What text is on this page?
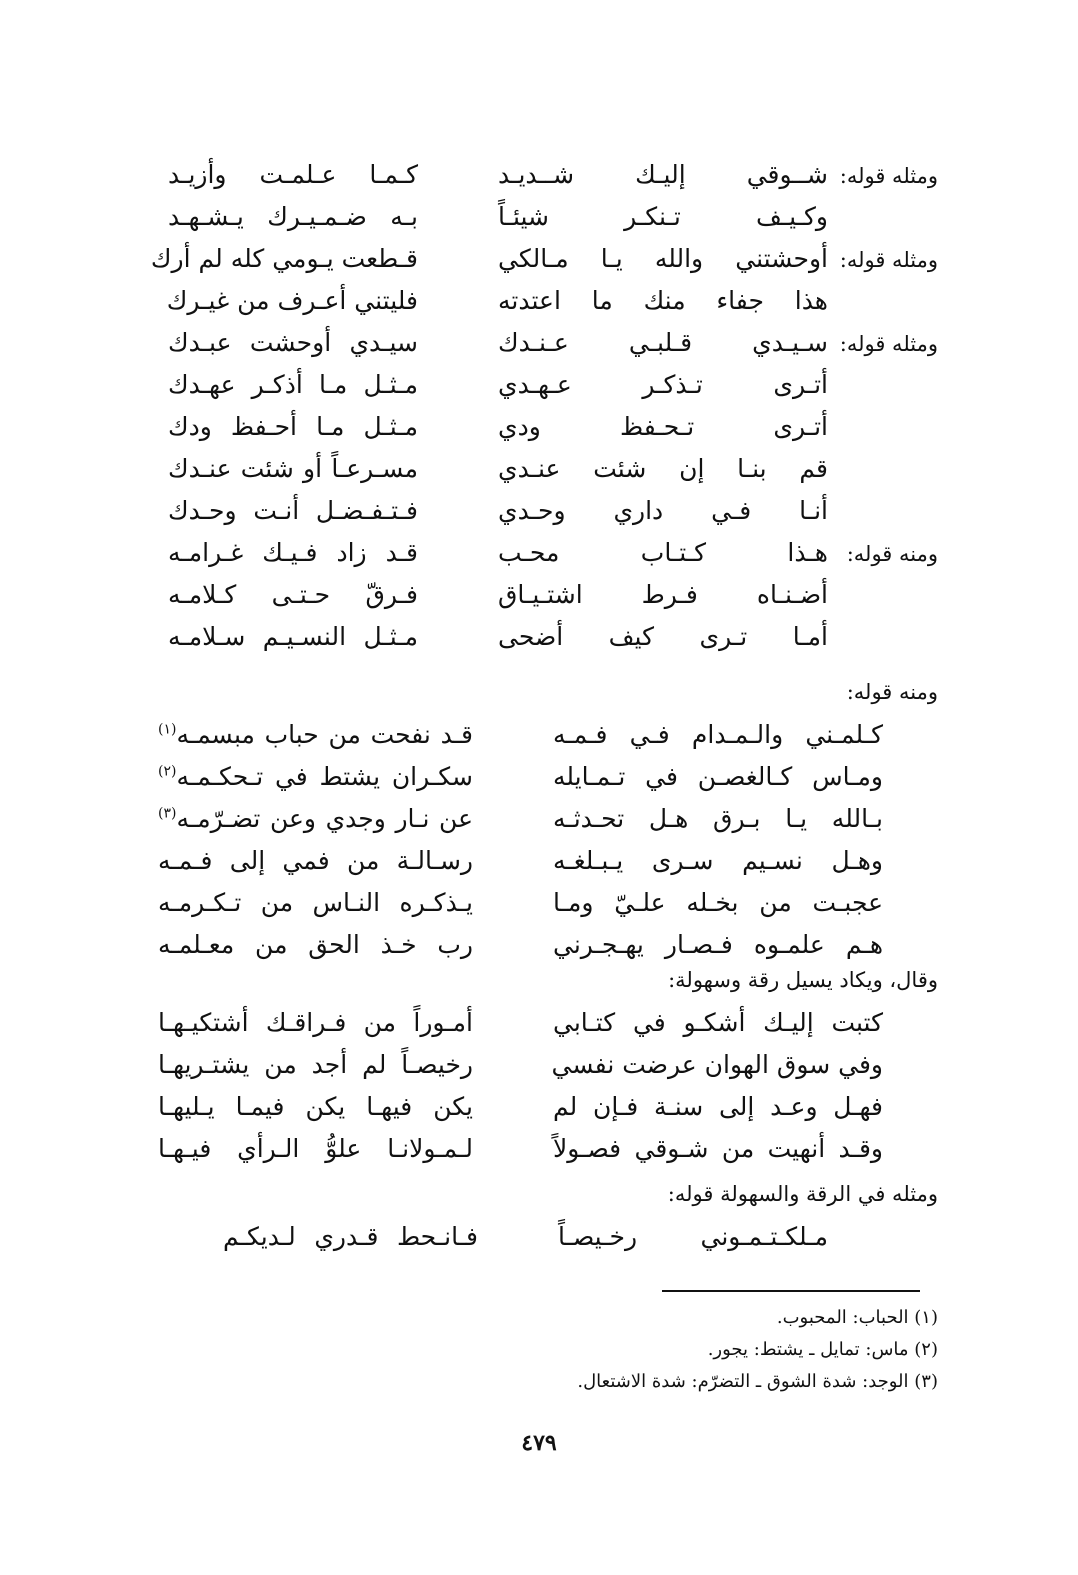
ومثله قوله:
شــوقي إليـك شــديـد
كـمـا عـلمـت وأزيـد
وكـيـف تـنكـر شيئـاً
بـه ضـمـيـرك يـشـهـد
ومثله قوله:
أوحشتني والله يـا مـالكي
قـطعت يـومي كله لم أرك
هذا جفاء منك ما اعتدته
فليتني أعـرف من غيـرك
ومثله قوله:
سـيـدي قـلبـي عـنـدك
سيـدي أوحشت عبـدك
أتـرى تـذكـر عـهـدي
مـثـل مـا أذكـر عهـدك
أتـرى تـحـفظ ودي
مـثـل مـا أحـفظ ودك
قم بنـا إن شئت عنـدي
مسـرعـاً أو شئت عنـدك
أنـا فـي داري وحـدي
فـتـفـضـل أنـت وحـدك
ومنه قوله:
هـذا كـتـاب محـب
قـد زاد فـيـك غـرامـه
أضـنـاه فـرط اشتـيـاق
فـرقّ حـتـى كـلامـه
أمـا تـرى كيف أضحى
مـثـل النسـيـم سـلامـه
ومنه قوله:
كـلمـني والـمـدام فـي فـمـه
قـد نفحت من حباب مبسمـه$^{(١)}$
ومـاس كـالغصـن في تـمـايله
سكـران يشتط في تـحكـمـه$^{(٢)}$
بـالله يـا بـرق هـل تحـدثـه
عن نـار وجدي وعن تضـرّمـه$^{(٣)}$
وهـل نسـيم سـرى يـبـلغـه
رسـالـة من فمي إلى فـمـه
عجبـت من بخـله علـيّ ومـا
يـذكـره النـاس من تـكـرمـه
هـم علمـوه فـصـار يهـجـرني
رب خـذ الحق من معـلمـه
وقال، ويكاد يسيل رقة وسهولة:
كتبت إليـك أشكـو في كتـابي
أمـوراً من فـراقـك أشتكيـهـا
وفي سوق الهوان عرضت نفسي
رخيصـاً لم أجد من يشتـريهـا
فهـل وعـد إلى سنـة فـإن لم
يكن فيهـا يكن فيمـا يـليهـا
وقـد أنهيت من شـوقي فصـولاً
لـمـولانـا علوُّ الـرأي فيـهـا
ومثله في الرقة والسهولة قوله:
مـلكـتـمـوني رخـيصـاً
فـانـحط قـدري لـديكـم
(١) الحباب: المحبوب.
(٢) ماس: تمايل ـ يشتط: يجور.
(٣) الوجد: شدة الشوق ـ التضرّم: شدة الاشتعال.
٤٧٩
